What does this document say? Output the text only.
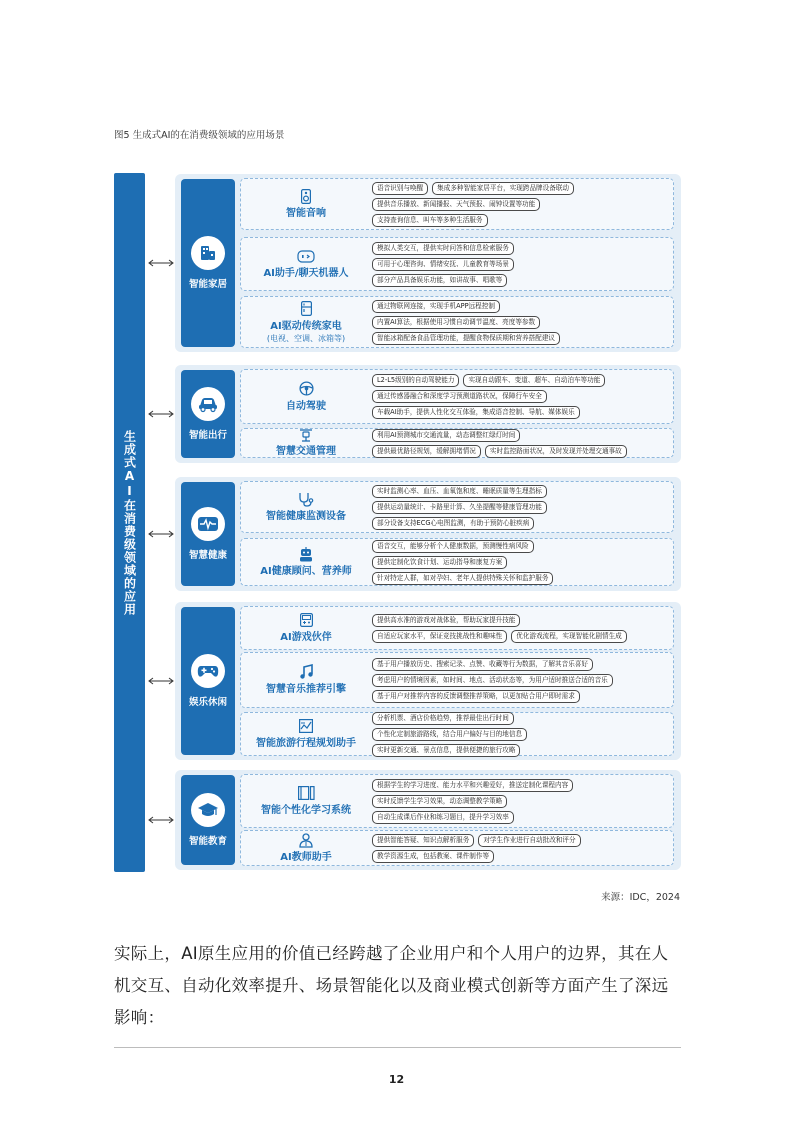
图5 生成式AI的在消费级领域的应用场景
生成式AI在消费级领域的应用
智能家居
智能音响
语音识别与唤醒	集成多种智能家居平台，实现跨品牌设备联动
提供音乐播放、新闻播报、天气预报、闹钟设置等功能
支持查询信息、叫车等多种生活服务
AI助手/聊天机器人
模拟人类交互，提供实时问答和信息检索服务
可用于心理咨询、情绪安抚、儿童教育等场景
部分产品具备娱乐功能，如讲故事、唱歌等
AI驱动传统家电
(电视、空调、冰箱等)
通过物联网连接，实现手机APP远程控制
内置AI算法，根据使用习惯自动调节温度、亮度等参数
智能冰箱配备食品管理功能，提醒食物保质期和营养搭配建议
智能出行
自动驾驶
L2-L5级别的自动驾驶能力	实现自动跟车、变道、超车、自动泊车等功能
通过传感器融合和深度学习预测道路状况，保障行车安全
车载AI助手，提供人性化交互体验，集成语音控制、导航、媒体娱乐
智慧交通管理
利用AI预测城市交通流量，动态调整红绿灯时间
提供最优路径规划，缓解拥堵情况	实时监控路面状况，及时发现并处理交通事故
智慧健康
智能健康监测设备
实时监测心率、血压、血氧饱和度、睡眠质量等生理指标
提供运动量统计、卡路里计算、久坐提醒等健康管理功能
部分设备支持ECG心电图监测，有助于预防心脏疾病
AI健康顾问、营养师
语音交互，能够分析个人健康数据，预测慢性病风险
提供定制化饮食计划、运动指导和康复方案
针对特定人群，如对孕妇、老年人提供特殊关怀和监护服务
娱乐休闲
AI游戏伙伴
提供高水准的游戏对战体验，帮助玩家提升技能
自适应玩家水平，保证竞技挑战性和趣味性	优化游戏流程，实现智能化剧情生成
智慧音乐推荐引擎
基于用户播放历史、搜索记录、点赞、收藏等行为数据，了解其音乐喜好
考虑用户的情境因素，如时间、地点、活动状态等，为用户适时推送合适的音乐
基于用户对推荐内容的反馈调整推荐策略，以更加贴合用户即时需求
智能旅游行程规划助手
分析机票、酒店价格趋势，推荐最佳出行时间
个性化定制旅游路线，结合用户偏好与目的地信息
实时更新交通、景点信息，提供便捷的旅行攻略
智能教育
智能个性化学习系统
根据学生的学习进度、能力水平和兴趣爱好，推送定制化课程内容
实时反馈学生学习效果，动态调整教学策略
自动生成课后作业和练习题目，提升学习效率
AI教师助手
提供智能答疑、知识点解析服务	对学生作业进行自动批改和评分
教学资源生成，包括教案、课件制作等
来源：IDC，2024
实际上，AI原生应用的价值已经跨越了企业用户和个人用户的边界，其在人机交互、自动化效率提升、场景智能化以及商业模式创新等方面产生了深远影响：
12
